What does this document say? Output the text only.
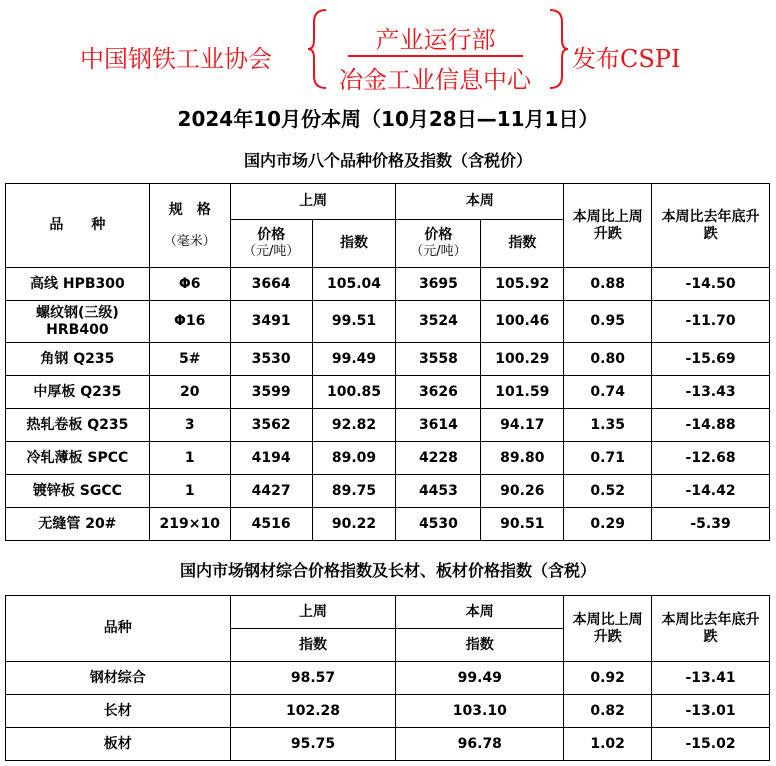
中国钢铁工业协会
产业运行部
冶金工业信息中心
发布CSPI
2024年10月份本周（10月28日—11月1日）
国内市场八个品种价格及指数（含税价）
品　　种	规　格
（毫米）	上周		本周		本周比上周升跌	本周比去年底升跌
		价格
（元/吨）	指数	价格
（元/吨）	指数		
高线 HPB300	Φ6	3664	105.04	3695	105.92	0.88	-14.50
螺纹钢(三级)
HRB400	Φ16	3491	99.51	3524	100.46	0.95	-11.70
角钢 Q235	5#	3530	99.49	3558	100.29	0.80	-15.69
中厚板 Q235	20	3599	100.85	3626	101.59	0.74	-13.43
热轧卷板 Q235	3	3562	92.82	3614	94.17	1.35	-14.88
冷轧薄板 SPCC	1	4194	89.09	4228	89.80	0.71	-12.68
镀锌板 SGCC	1	4427	89.75	4453	90.26	0.52	-14.42
无缝管 20#	219×10	4516	90.22	4530	90.51	0.29	-5.39
国内市场钢材综合价格指数及长材、板材价格指数（含税）
品种	上周	本周	本周比上周升跌	本周比去年底升跌
	指数	指数		
钢材综合	98.57	99.49	0.92	-13.41
长材	102.28	103.10	0.82	-13.01
板材	95.75	96.78	1.02	-15.02
